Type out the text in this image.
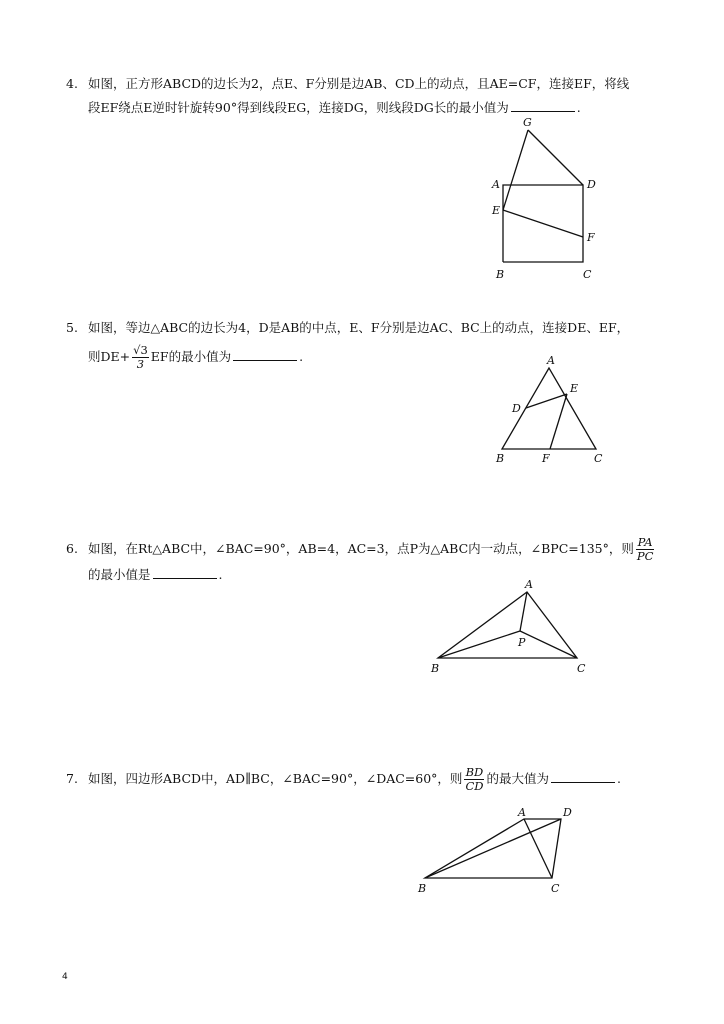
4. 如图，正方形ABCD的边长为2，点E、F分别是边AB、CD上的动点，且AE=CF，连接EF，将线
段EF绕点E逆时针旋转90°得到线段EG，连接DG，则线段DG长的最小值为	.
G
A	D
E
F
B	C
5. 如图，等边△ABC的边长为4，D是AB的中点，E、F分别是边AC、BC上的动点，连接DE、EF，
则$DE+ \frac{√3}{3}$ EF的最小值为	.	A
E
D
B	F	C
6. 如图，在Rt△ABC中，∠BAC=90°，AB=4，AC=3，点P为△ABC内一动点，∠BPC=135°，则 $\frac{PA}{PC}$
的最小值是	.
A
P
B	C
7. 如图，四边形ABCD中，AD∥BC，∠BAC=90°，∠DAC=60°，则 $\frac{BD}{CD}$ 的最大值为	.
A	D
B	C
4
